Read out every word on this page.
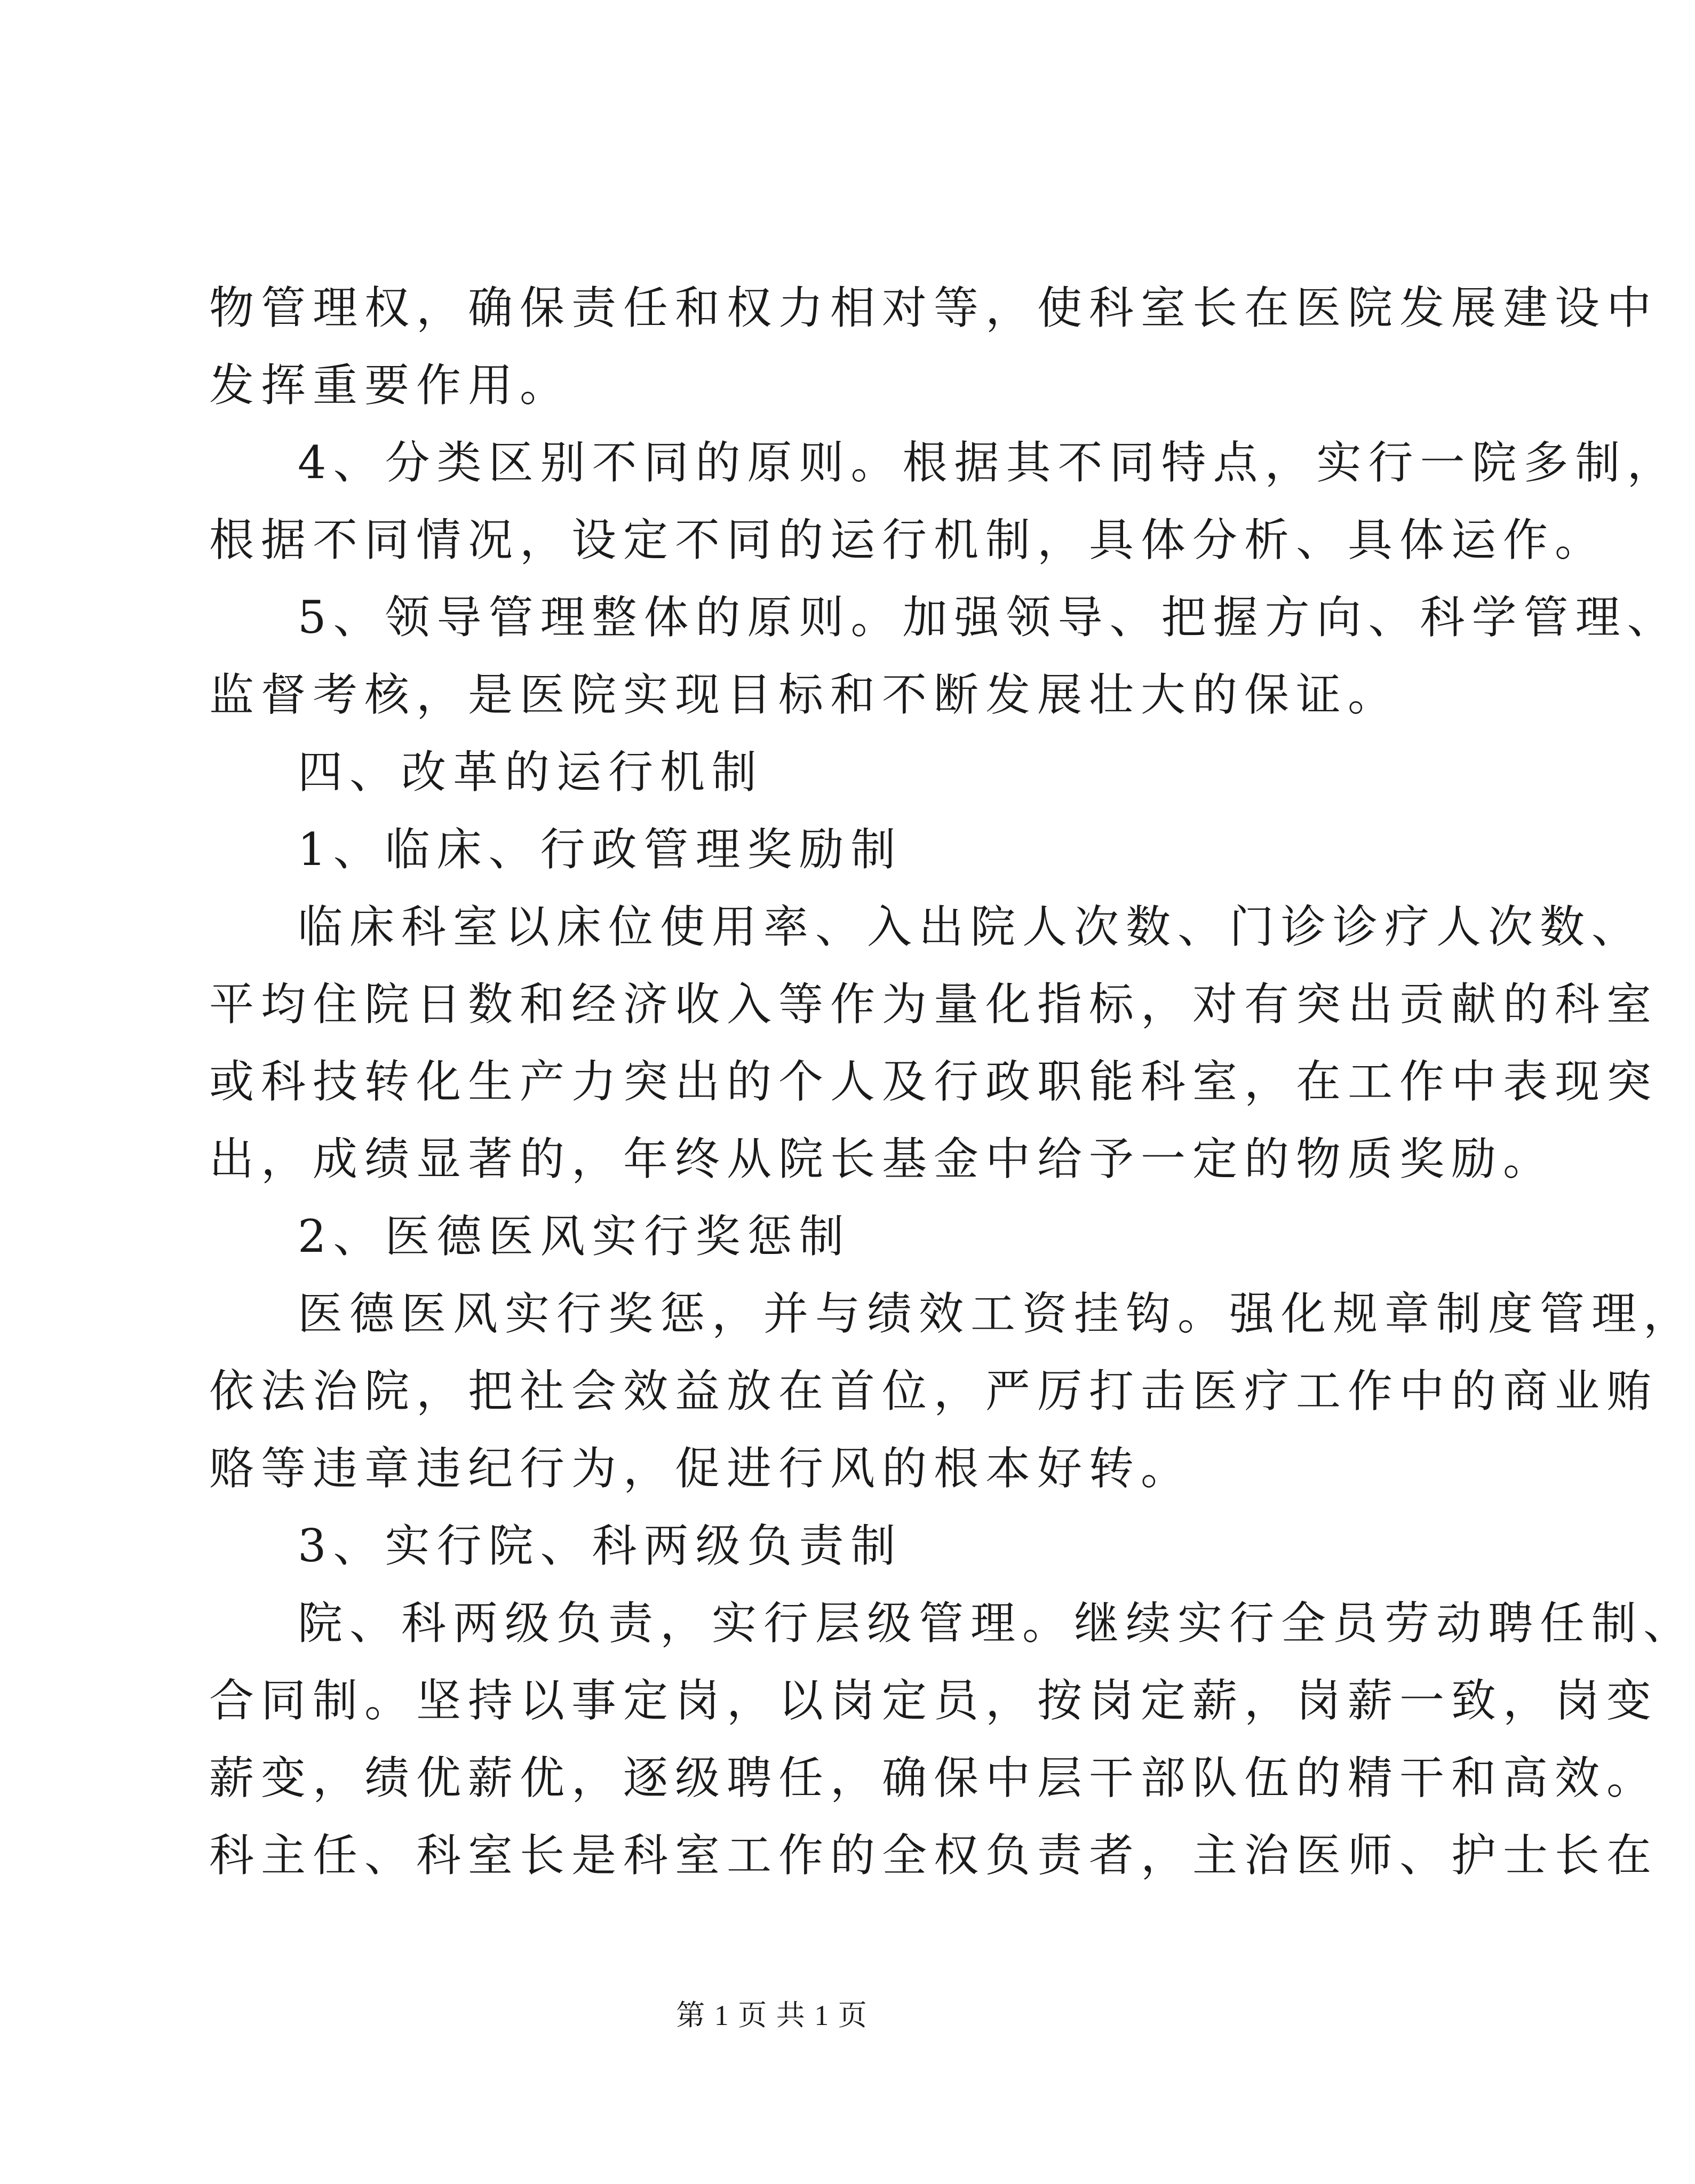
物管理权，确保责任和权力相对等，使科室长在医院发展建设中
发挥重要作用。
4、分类区别不同的原则。根据其不同特点，实行一院多制，
根据不同情况，设定不同的运行机制，具体分析、具体运作。
5、领导管理整体的原则。加强领导、把握方向、科学管理、
监督考核，是医院实现目标和不断发展壮大的保证。
四、改革的运行机制
1、临床、行政管理奖励制
临床科室以床位使用率、入出院人次数、门诊诊疗人次数、
平均住院日数和经济收入等作为量化指标，对有突出贡献的科室
或科技转化生产力突出的个人及行政职能科室，在工作中表现突
出，成绩显著的，年终从院长基金中给予一定的物质奖励。
2、医德医风实行奖惩制
医德医风实行奖惩，并与绩效工资挂钩。强化规章制度管理，
依法治院，把社会效益放在首位，严厉打击医疗工作中的商业贿
赂等违章违纪行为，促进行风的根本好转。
3、实行院、科两级负责制
院、科两级负责，实行层级管理。继续实行全员劳动聘任制、
合同制。坚持以事定岗，以岗定员，按岗定薪，岗薪一致，岗变
薪变，绩优薪优，逐级聘任，确保中层干部队伍的精干和高效。
科主任、科室长是科室工作的全权负责者，主治医师、护士长在
第 1 页 共 1 页
